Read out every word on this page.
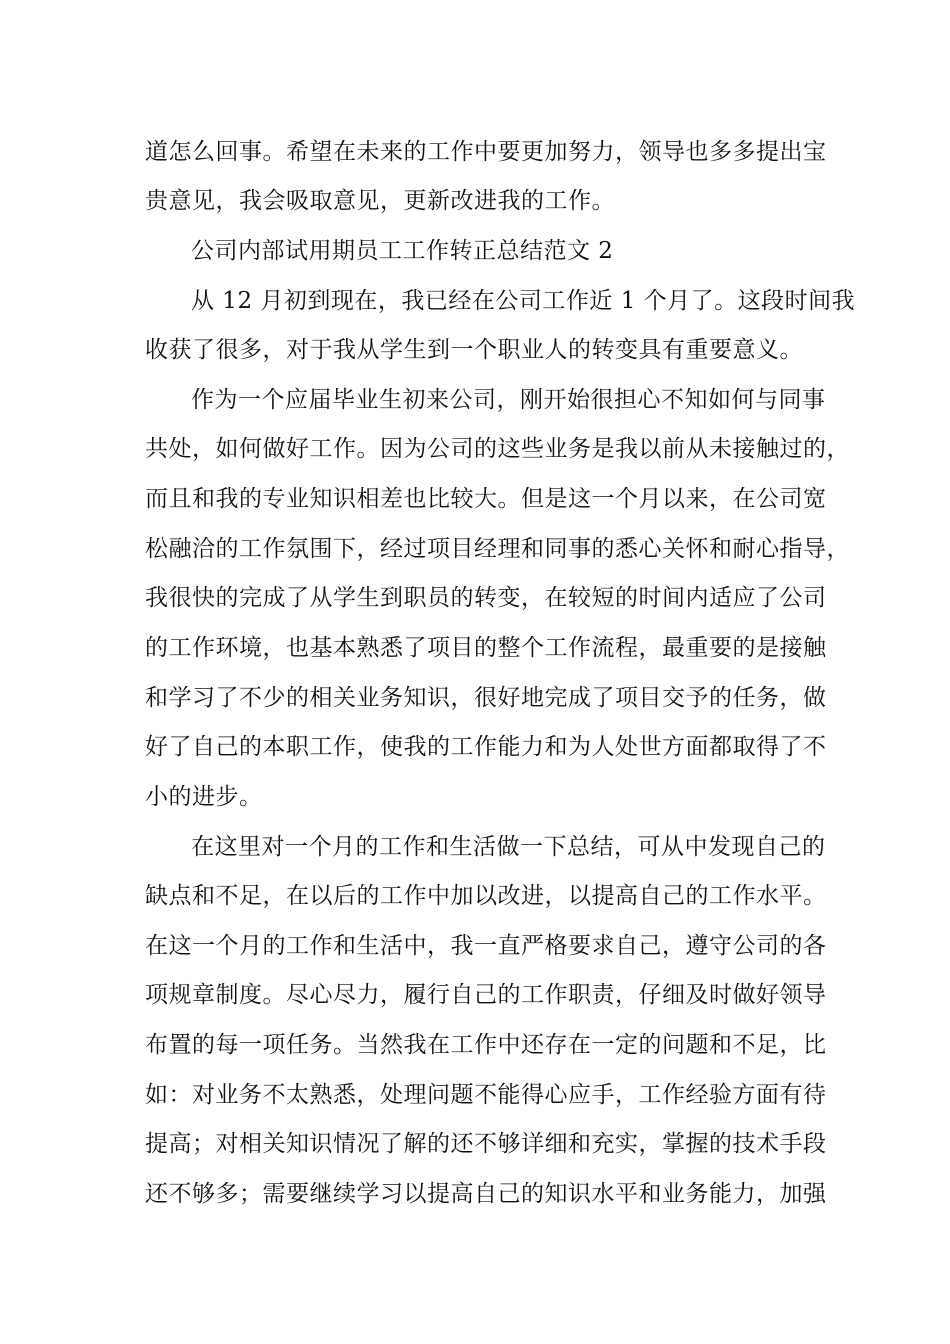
道怎么回事。希望在未来的工作中要更加努力，领导也多多提出宝
贵意见，我会吸取意见，更新改进我的工作。
公司内部试用期员工工作转正总结范文 2
从 12 月初到现在，我已经在公司工作近 1 个月了。这段时间我
收获了很多，对于我从学生到一个职业人的转变具有重要意义。
作为一个应届毕业生初来公司，刚开始很担心不知如何与同事
共处，如何做好工作。因为公司的这些业务是我以前从未接触过的，
而且和我的专业知识相差也比较大。但是这一个月以来，在公司宽
松融洽的工作氛围下，经过项目经理和同事的悉心关怀和耐心指导，
我很快的完成了从学生到职员的转变，在较短的时间内适应了公司
的工作环境，也基本熟悉了项目的整个工作流程，最重要的是接触
和学习了不少的相关业务知识，很好地完成了项目交予的任务，做
好了自己的本职工作，使我的工作能力和为人处世方面都取得了不
小的进步。
在这里对一个月的工作和生活做一下总结，可从中发现自己的
缺点和不足，在以后的工作中加以改进，以提高自己的工作水平。
在这一个月的工作和生活中，我一直严格要求自己，遵守公司的各
项规章制度。尽心尽力，履行自己的工作职责，仔细及时做好领导
布置的每一项任务。当然我在工作中还存在一定的问题和不足，比
如：对业务不太熟悉，处理问题不能得心应手，工作经验方面有待
提高；对相关知识情况了解的还不够详细和充实，掌握的技术手段
还不够多；需要继续学习以提高自己的知识水平和业务能力，加强
